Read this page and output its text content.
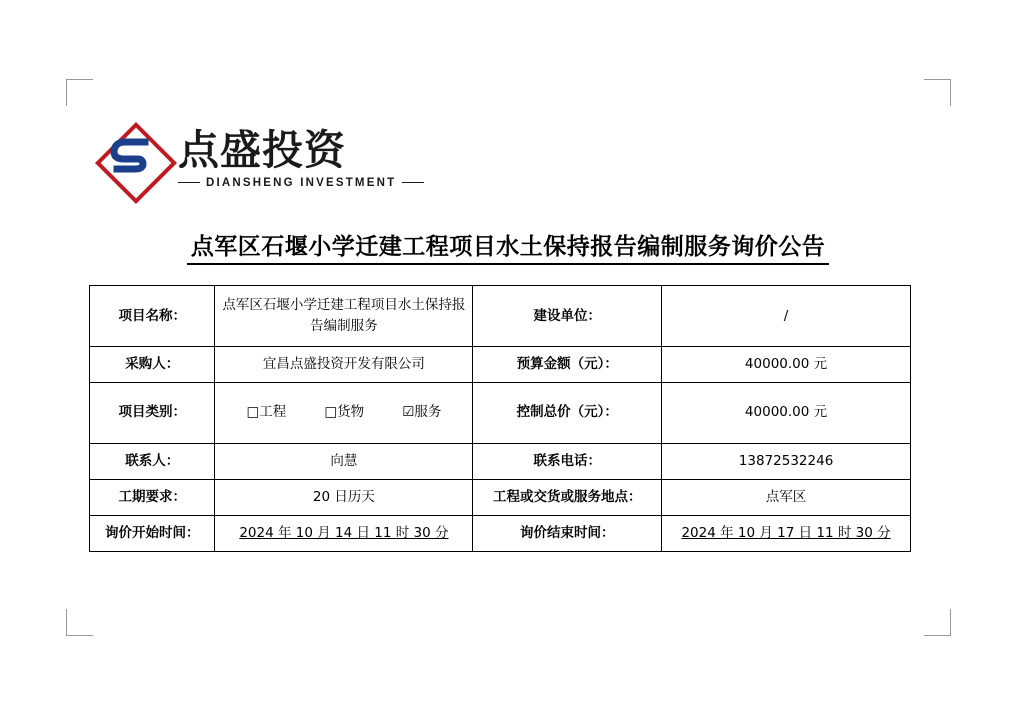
点盛投资
DIANSHENG INVESTMENT
点军区石堰小学迁建工程项目水土保持报告编制服务询价公告
项目名称：	点军区石堰小学迁建工程项目水土保持报告编制服务	建设单位：	/
采购人：	宜昌点盛投资开发有限公司	预算金额（元）：	40000.00 元
项目类别：	□工程 □货物 ☑服务	控制总价（元）：	40000.00 元
联系人：	向慧	联系电话：	13872532246
工期要求：	20 日历天	工程或交货或服务地点：	点军区
询价开始时间：	2024 年 10 月 14 日 11 时 30 分	询价结束时间：	2024 年 10 月 17 日 11 时 30 分
